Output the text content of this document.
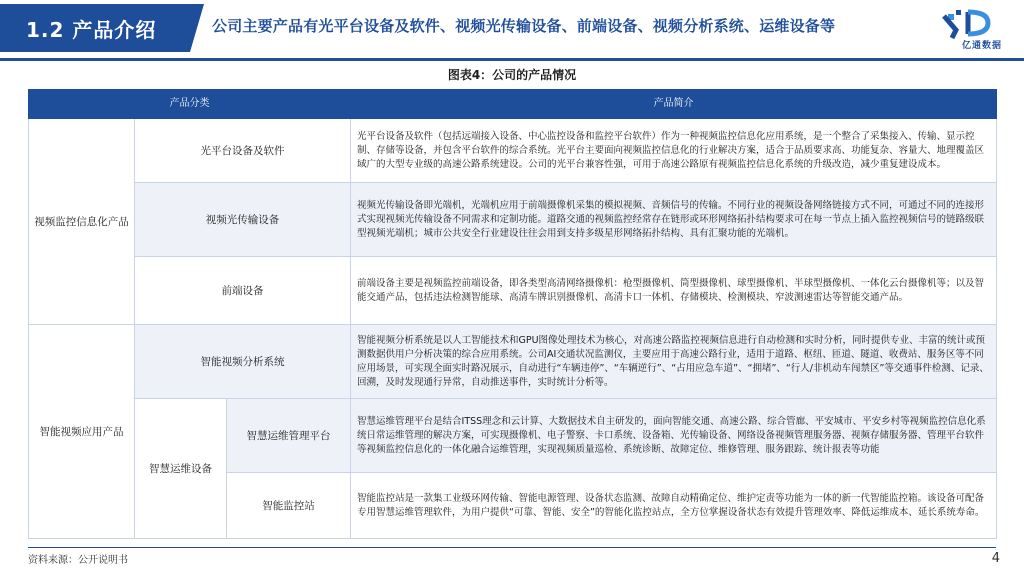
1.2 产品介绍	公司主要产品有光平台设备及软件、视频光传输设备、前端设备、视频分析系统、运维设备等
亿通数据
图表4：公司的产品情况
产品分类			产品简介
视频监控信息化产品	光平台设备及软件		光平台设备及软件（包括远端接入设备、中心监控设备和监控平台软件）作为一种视频监控信息化应用系统，是一个整合了采集接入、传输、显示控制、存储等设备，并包含平台软件的综合系统。光平台主要面向视频监控信息化的行业解决方案，适合于品质要求高、功能复杂、容量大、地理覆盖区域广的大型专业级的高速公路系统建设。公司的光平台兼容性强，可用于高速公路原有视频监控信息化系统的升级改造，减少重复建设成本。
	视频光传输设备		视频光传输设备即光端机，光端机应用于前端摄像机采集的模拟视频、音频信号的传输。不同行业的视频设备网络链接方式不同，可通过不同的连接形式实现视频光传输设备不同需求和定制功能。道路交通的视频监控经常存在链形或环形网络拓扑结构要求可在每一节点上插入监控视频信号的链路级联型视频光端机；城市公共安全行业建设往往会用到支持多级星形网络拓扑结构、具有汇聚功能的光端机。
	前端设备		前端设备主要是视频监控前端设备，即各类型高清网络摄像机：枪型摄像机、筒型摄像机、球型摄像机、半球型摄像机、一体化云台摄像机等；以及智能交通产品，包括违法检测智能球、高清车牌识别摄像机、高清卡口一体机、存储模块、检测模块、窄波测速雷达等智能交通产品。
智能视频应用产品	智能视频分析系统		智能视频分析系统是以人工智能技术和GPU图像处理技术为核心，对高速公路监控视频信息进行自动检测和实时分析，同时提供专业、丰富的统计或预测数据供用户分析决策的综合应用系统。公司AI交通状况监测仪，主要应用于高速公路行业，适用于道路、枢纽、匝道、隧道、收费站、服务区等不同应用场景，可实现全面实时路况展示，自动进行“车辆违停”、“车辆逆行”、“占用应急车道”、“拥堵”、“行人/非机动车闯禁区”等交通事件检测、记录、回溯，及时发现通行异常，自动推送事件，实时统计分析等。
	智慧运维设备	智慧运维管理平台	智慧运维管理平台是结合ITSS理念和云计算、大数据技术自主研发的，面向智能交通、高速公路、综合管廊、平安城市、平安乡村等视频监控信息化系统日常运维管理的解决方案，可实现摄像机、电子警察、卡口系统、设备箱、光传输设备、网络设备视频管理服务器、视频存储服务器、管理平台软件等视频监控信息化的一体化融合运维管理，实现视频质量巡检、系统诊断、故障定位、维修管理、服务跟踪、统计报表等功能
		智能监控站	智能监控站是一款集工业级环网传输、智能电源管理、设备状态监测、故障自动精确定位、维护定责等功能为一体的新一代智能监控箱。该设备可配备专用智慧运维管理软件，为用户提供“可靠、智能、安全”的智能化监控站点，全方位掌握设备状态有效提升管理效率、降低运维成本、延长系统寿命。
资料来源：公开说明书	4
